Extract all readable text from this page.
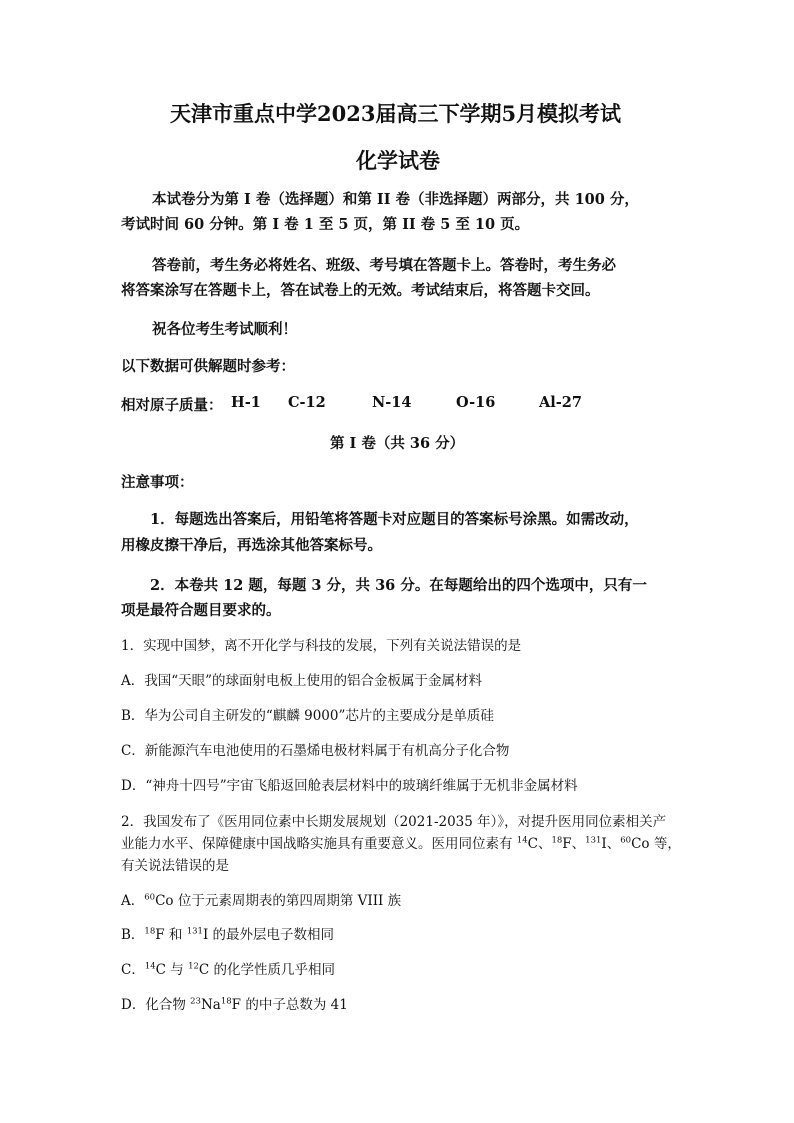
天津市重点中学2023届高三下学期5月模拟考试
化学试卷
本试卷分为第 I 卷（选择题）和第 II 卷（非选择题）两部分，共 100 分，
考试时间 60 分钟。第 I 卷 1 至 5 页，第 II 卷 5 至 10 页。
答卷前，考生务必将姓名、班级、考号填在答题卡上。答卷时，考生务必
将答案涂写在答题卡上，答在试卷上的无效。考试结束后，将答题卡交回。
祝各位考生考试顺利！
以下数据可供解题时参考：
相对原子质量： H-1 C-12	N-14	O-16	Al-27
第 I 卷（共 36 分）
注意事项：
1．每题选出答案后，用铅笔将答题卡对应题目的答案标号涂黑。如需改动，
用橡皮擦干净后，再选涂其他答案标号。
2．本卷共 12 题，每题 3 分，共 36 分。在每题给出的四个选项中，只有一
项是最符合题目要求的。
1．实现中国梦，离不开化学与科技的发展，下列有关说法错误的是
A．我国“天眼”的球面射电板上使用的铝合金板属于金属材料
B．华为公司自主研发的“麒麟 9000”芯片的主要成分是单质硅
C．新能源汽车电池使用的石墨烯电极材料属于有机高分子化合物
D．“神舟十四号”宇宙飞船返回舱表层材料中的玻璃纤维属于无机非金属材料
2．我国发布了《医用同位素中长期发展规划（2021-2035 年）》，对提升医用同位素相关产
业能力水平、保障健康中国战略实施具有重要意义。医用同位素有 $^{14}$C、$^{18}$F、$^{131}$I、$^{60}$Co 等，
有关说法错误的是
A．$^{60}$Co 位于元素周期表的第四周期第 VIII 族
B．$^{18}$F 和 $^{131}$I 的最外层电子数相同
C．$^{14}$C 与 $^{12}$C 的化学性质几乎相同
D．化合物 $^{23}$Na$^{18}$F 的中子总数为 41
